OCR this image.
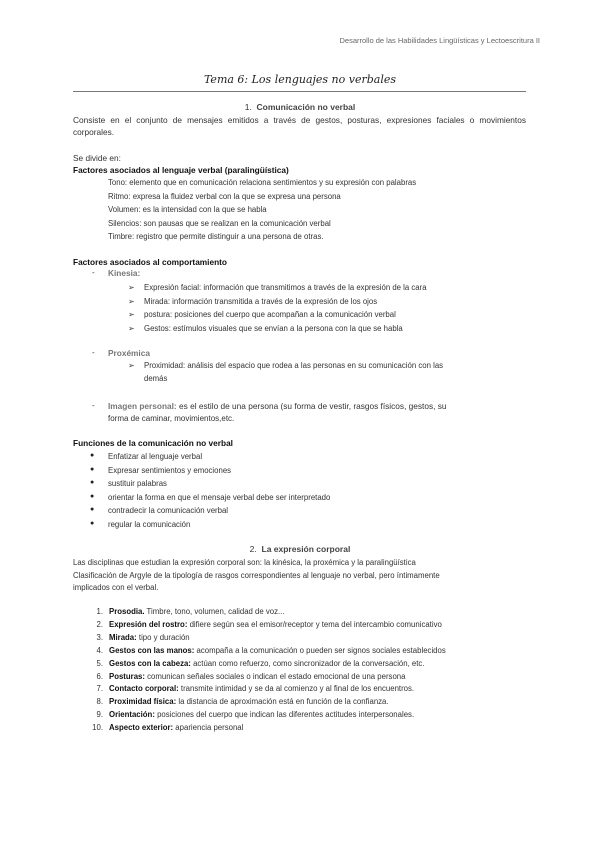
Desarrollo de las Habilidades Lingüísticas y Lectoescritura II
Tema 6: Los lenguajes no verbales
1. Comunicación no verbal
Consiste en el conjunto de mensajes emitidos a través de gestos, posturas, expresiones faciales o movimientos corporales.
Se divide en:
Factores asociados al lenguaje verbal (paralingüística)
Tono: elemento que en comunicación relaciona sentimientos y su expresión con palabras
Ritmo: expresa la fluidez verbal con la que se expresa una persona
Volumen: es la intensidad con la que se habla
Silencios: son pausas que se realizan en la comunicación verbal
Timbre: registro que permite distinguir a una persona de otras.
Factores asociados al comportamiento
- Kinesia:
➢ Expresión facial: información que transmitimos a través de la expresión de la cara
➢ Mirada: información transmitida a través de la expresión de los ojos
➢ postura: posiciones del cuerpo que acompañan a la comunicación verbal
➢ Gestos: estímulos visuales que se envían a la persona con la que se habla
- Proxémica
➢ Proximidad: análisis del espacio que rodea a las personas en su comunicación con las
demás
- Imagen personal: es el estilo de una persona (su forma de vestir, rasgos físicos, gestos, su
forma de caminar, movimientos,etc.
Funciones de la comunicación no verbal
● Enfatizar al lenguaje verbal
● Expresar sentimientos y emociones
● sustituir palabras
● orientar la forma en que el mensaje verbal debe ser interpretado
● contradecir la comunicación verbal
● regular la comunicación
2. La expresión corporal
Las disciplinas que estudian la expresión corporal son: la kinésica, la proxémica y la paralingüística
Clasificación de Argyle de la tipología de rasgos correspondientes al lenguaje no verbal, pero íntimamente
implicados con el verbal.
1. Prosodia. Timbre, tono, volumen, calidad de voz...
2. Expresión del rostro: difiere según sea el emisor/receptor y tema del intercambio comunicativo
3. Mirada: tipo y duración
4. Gestos con las manos: acompaña a la comunicación o pueden ser signos sociales establecidos
5. Gestos con la cabeza: actúan como refuerzo, como sincronizador de la conversación, etc.
6. Posturas: comunican señales sociales o indican el estado emocional de una persona
7. Contacto corporal: transmite intimidad y se da al comienzo y al final de los encuentros.
8. Proximidad física: la distancia de aproximación está en función de la confianza.
9. Orientación: posiciones del cuerpo que indican las diferentes actitudes interpersonales.
10. Aspecto exterior: apariencia personal
